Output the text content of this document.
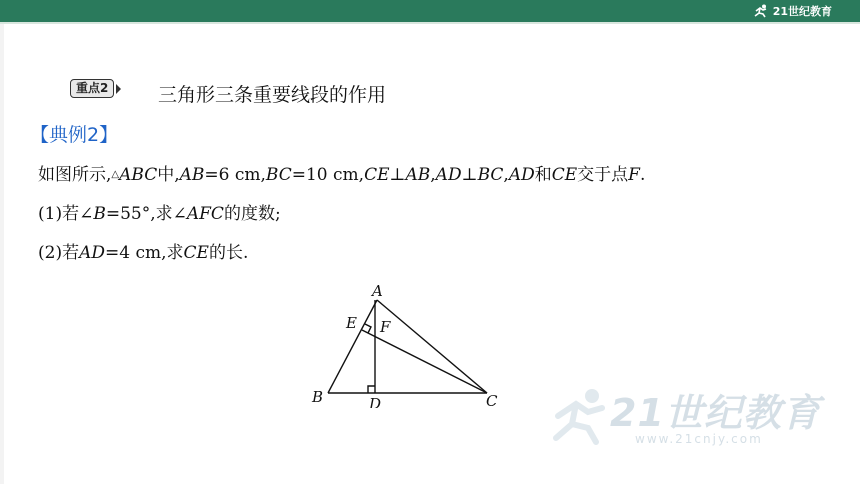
21世纪教育
重点2	三角形三条重要线段的作用
【典例2】
如图所示,△ABC中,AB=6 cm,BC=10 cm,CE⊥AB,AD⊥BC,AD和CE交于点F.
(1)若∠B=55°,求∠AFC的度数;
(2)若AD=4 cm,求CE的长.
A
B	C
D
E F
21世纪教育
www.21cnjy.com
